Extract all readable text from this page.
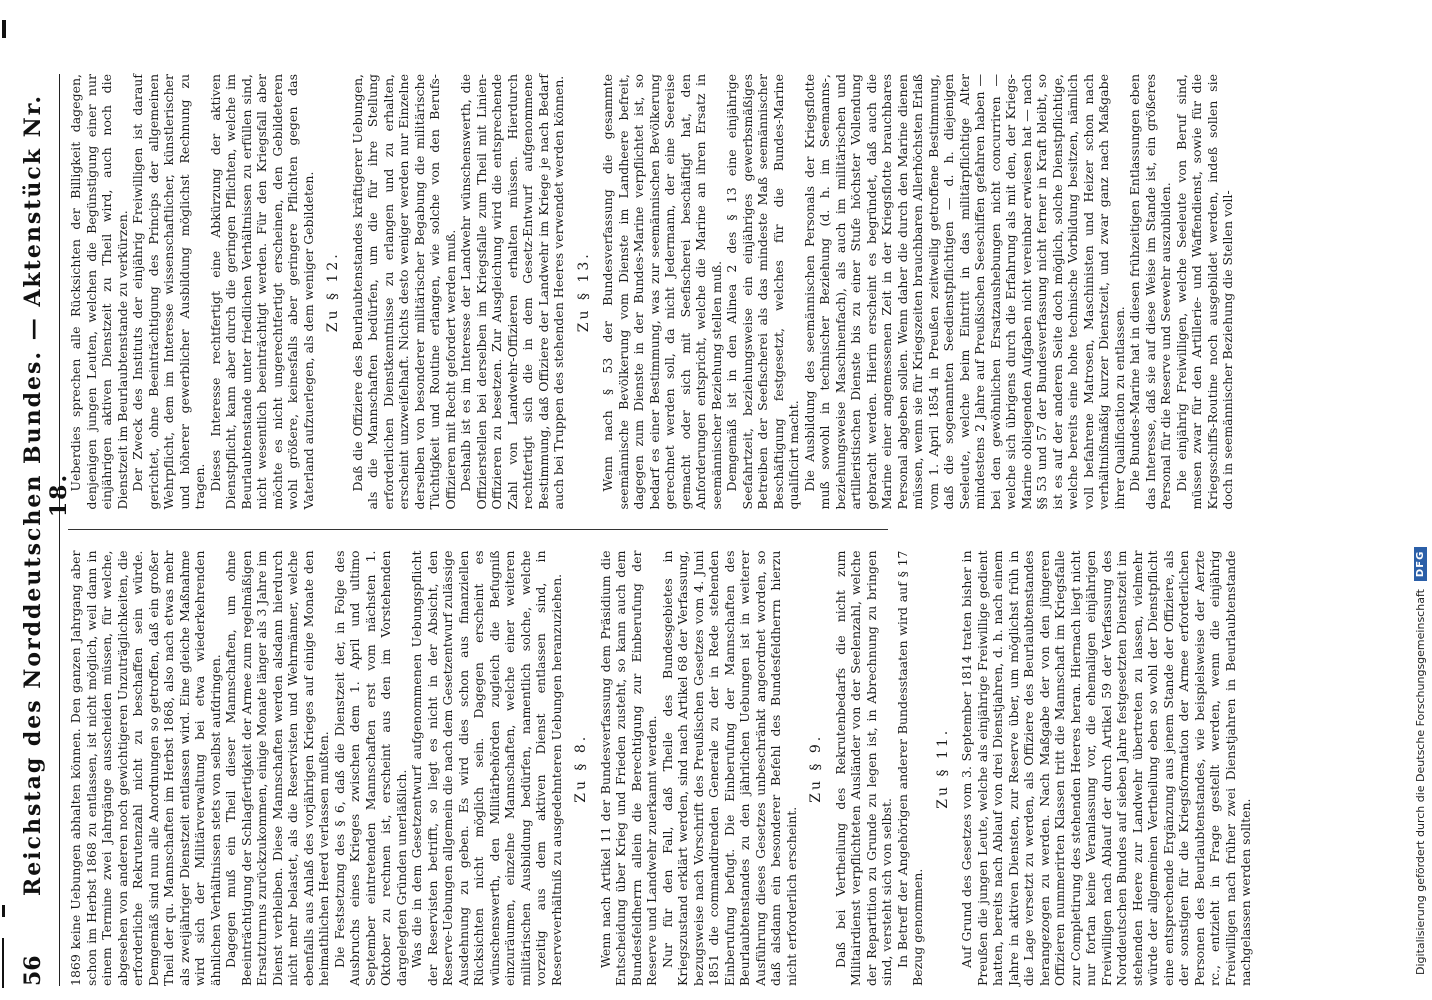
56
Reichstag des Norddeutschen Bundes. — Aktenstück Nr. 18.

1869 keine Uebungen abhalten können. Den ganzen Jahrgang aber schon im Herbst 1868 zu entlassen, ist nicht möglich, weil dann in einem Termine zwei Jahrgänge ausscheiden müssen, für welche, abgesehen von anderen noch gewichtigeren Unzuträglichkeiten, die erforderliche Rekrutenzahl nicht zu beschaffen sein würde. Demgemäß sind nun alle Anordnungen so getroffen, daß ein großer Theil der qu. Mannschaften im Herbst 1868, also nach etwas mehr als zweijähriger Dienstzeit entlassen wird. Eine gleiche Maßnahme wird sich der Militärverwaltung bei etwa wiederkehrenden ähnlichen Verhältnissen stets von selbst aufdringen. Dagegen muß ein Theil dieser Mannschaften, um ohne Beeinträchtigung der Schlagfertigkeit der Armee zum regelmäßigen Ersatzturnus zurückzukommen, einige Monate länger als 3 Jahre im Dienst verbleiben. Diese Mannschaften werden alsdann hierdurch nicht mehr belastet, als die Reservisten und Wehrmänner, welche ebenfalls aus Anlaß des vorjährigen Krieges auf einige Monate den heimathlichen Heerd verlassen mußten. Die Festsetzung des § 6, daß die Dienstzeit der, in Folge des Ausbruchs eines Krieges zwischen dem 1. April und ultimo September eintretenden Mannschaften erst vom nächsten 1. Oktober zu rechnen ist, erscheint aus den im Vorstehenden dargelegten Gründen unerläßlich. Was die in dem Gesetzentwurf aufgenommenen Uebungspflicht der Reservisten betrifft, so liegt es nicht in der Absicht, den Reserve-Uebungen allgemein die nach dem Gesetzentwurf zulässige Ausdehnung zu geben. Es wird dies schon aus finanziellen Rücksichten nicht möglich sein. Dagegen erscheint es wünschenswerth, den Militärbehörden zugleich die Befugniß einzuräumen, einzelne Mannschaften, welche einer weiteren militärischen Ausbildung bedürfen, namentlich solche, welche vorzeitig aus dem aktiven Dienst entlassen sind, in Reserveverhältniß zu ausgedehnteren Uebungen heranzuziehen. Zu § 8. Wenn nach Artikel 11 der Bundesverfassung dem Präsidium die Entscheidung über Krieg und Frieden zusteht, so kann auch dem Bundesfeldherrn allein die Berechtigung zur Einberufung der Reserve und Landwehr zuerkannt werden. Nur für den Fall, daß Theile des Bundesgebietes in Kriegszustand erklärt werden, sind nach Artikel 68 der Verfassung, bezugsweise nach Vorschrift des Preußischen Gesetzes vom 4. Juni 1851 die commandirenden Generale zu der in Rede stehenden Einberufung befugt. Die Einberufung der Mannschaften des Beurlaubtenstandes zu den jährlichen Uebungen ist in weiterer Ausführung dieses Gesetzes unbeschränkt angeordnet worden, so daß alsdann ein besonderer Befehl des Bundesfeldherrn hierzu nicht erforderlich erscheint.

Zu § 9. Daß bei Vertheilung des Rekrutenbedarfs die nicht zum Militairdienst verpflichteten Ausländer von der Seelenzahl, welche der Repartition zu Grunde zu legen ist, in Abrechnung zu bringen sind, versteht sich von selbst. In Betreff der Angehörigen anderer Bundesstaaten wird auf § 17 Bezug genommen.

Zu § 11. Auf Grund des Gesetzes vom 3. September 1814 traten bisher in Preußen die jungen Leute, welche als einjährige Freiwillige gedient hatten, bereits nach Ablauf von drei Dienstjahren, d. h. nach einem Jahre in aktiven Diensten, zur Reserve über, um möglichst früh in die Lage versetzt zu werden, als Offiziere des Beurlaubtenstandes herangezogen zu werden. Nach Maßgabe der von den jüngeren Offizieren nummerirten Klassen tritt die Mannschaft im Kriegsfalle zur Completirung des stehenden Heeres heran. Hiernach liegt nicht nur fortan keine Veranlassung vor, die ehemaligen einjährigen Freiwilligen nach Ablauf der durch Artikel 59 der Verfassung des Norddeutschen Bundes auf sieben Jahre festgesetzten Dienstzeit im stehenden Heere zur Landwehr übertreten zu lassen, vielmehr würde der allgemeinen Vertheilung eben so wohl der Dienstpflicht eine entsprechende Ergänzung aus jenem Stande der Offiziere, als der sonstigen für die Kriegsformation der Armee erforderlichen Personen des Beurlaubtenstandes, wie beispielsweise der Aerzte rc., entzieht in Frage gestellt werden, wenn die einjährig Freiwilligen nach früher zwei Dienstjahren in Beurlaubtenstande nachgelassen werden sollten.

Ueberdies sprechen alle Rücksichten der Billigkeit dagegen, denjenigen jungen Leuten, welchen die Begünstigung einer nur einjährigen aktiven Dienstzeit zu Theil wird, auch noch die Dienstzeit im Beurlaubtenstande zu verkürzen. Der Zweck des Instituts der einjährig Freiwilligen ist darauf gerichtet, ohne Beeinträchtigung des Princips der allgemeinen Wehrpflicht, dem im Interesse wissenschaftlicher, künstlerischer und höherer gewerblicher Ausbildung möglichst Rechnung zu tragen. Dieses Interesse rechtfertigt eine Abkürzung der aktiven Dienstpflicht, kann aber durch die geringen Pflichten, welche im Beurlaubtenstande unter friedlichen Verhältnissen zu erfüllen sind, nicht wesentlich beeinträchtigt werden. Für den Kriegsfall aber möchte es nicht ungerechtfertigt erscheinen, den Gebildeteren wohl größere, keinesfalls aber geringere Pflichten gegen das Vaterland aufzuerlegen, als dem weniger Gebildeten. Zu § 12. Daß die Offiziere des Beurlaubtenstandes kräftigerer Uebungen, als die Mannschaften bedürfen, um die für ihre Stellung erforderlichen Dienstkenntnisse zu erlangen und zu erhalten, erscheint unzweifelhaft. Nichts desto weniger werden nur Einzelne derselben von besonderer militärischer Begabung die militärische Tüchtigkeit und Routine erlangen, wie solche von den Berufs-Offizieren mit Recht gefordert werden muß. Deshalb ist es im Interesse der Landwehr wünschenswerth, die Offizierstellen bei derselben im Kriegsfalle zum Theil mit Linien-Offizieren zu besetzen. Zur Ausgleichung wird die entsprechende Zahl von Landwehr-Offizieren erhalten müssen. Hierdurch rechtfertigt sich die in dem Gesetz-Entwurf aufgenommene Bestimmung, daß Offiziere der Landwehr im Kriege je nach Bedarf auch bei Truppen des stehenden Heeres verwendet werden können. Zu § 13. Wenn nach § 53 der Bundesverfassung die gesammte seemännische Bevölkerung vom Dienste im Landheere befreit, dagegen zum Dienste in der Bundes-Marine verpflichtet ist, so bedarf es einer Bestimmung, was zur seemännischen Bevölkerung gerechnet werden soll, da nicht Jedermann, der eine Seereise gemacht oder sich mit Seefischerei beschäftigt hat, den Anforderungen entspricht, welche die Marine an ihren Ersatz in seemännischer Beziehung stellen muß. Demgemäß ist in den Alinea 2 des § 13 eine einjährige Seefahrtzeit, beziehungsweise ein einjähriges gewerbsmäßiges Betreiben der Seefischerei als das mindeste Maß seemännischer Beschäftigung festgesetzt, welches für die Bundes-Marine qualificirt macht. Die Ausbildung des seemännischen Personals der Kriegsflotte muß sowohl in technischer Beziehung (d. h. im Seemanns-, beziehungsweise Maschinenfach), als auch im militärischen und artilleristischen Dienste bis zu einer Stufe höchster Vollendung gebracht werden. Hierin erscheint es begründet, daß auch die Marine einer angemessenen Zeit in der Kriegsflotte brauchbares Personal abgeben sollen. Wenn daher die durch den Marine dienen müssen, wenn sie für Kriegszeiten brauchbaren Allerhöchsten Erlaß vom 1. April 1854 in Preußen zeitweilig getroffene Bestimmung, daß die sogenannten Seedienstpflichtigen — d. h. diejenigen Seeleute, welche beim Eintritt in das militärpflichtige Alter mindestens 2 Jahre auf Preußischen Seeschiffen gefahren haben — bei den gewöhnlichen Ersatzaushebungen nicht concurriren — welche sich übrigens durch die Erfahrung als mit den, der Kriegs-Marine obliegenden Aufgaben nicht vereinbar erwiesen hat — nach §§ 53 und 57 der Bundesverfassung nicht ferner in Kraft bleibt, so ist es auf der anderen Seite doch möglich, solche Dienstpflichtige, welche bereits eine hohe technische Vorbildung besitzen, nämlich voll befahrene Matrosen, Maschinisten und Heizer schon nach verhältnißmäßig kurzer Dienstzeit, und zwar ganz nach Maßgabe ihrer Qualification zu entlassen. Die Bundes-Marine hat in diesen frühzeitigen Entlassungen eben das Interesse, daß sie auf diese Weise im Stande ist, ein größeres Personal für die Reserve und Seewehr auszubilden. Die einjährig Freiwilligen, welche Seeleute von Beruf sind, müssen zwar für den Artillerie- und Waffendienst, sowie für die Kriegsschiffs-Routine noch ausgebildet werden, indeß sollen sie doch in seemännischer Beziehung die Stellen voll-

Digitalisierung gefördert durch die Deutsche Forschungsgemeinschaft
DFG
